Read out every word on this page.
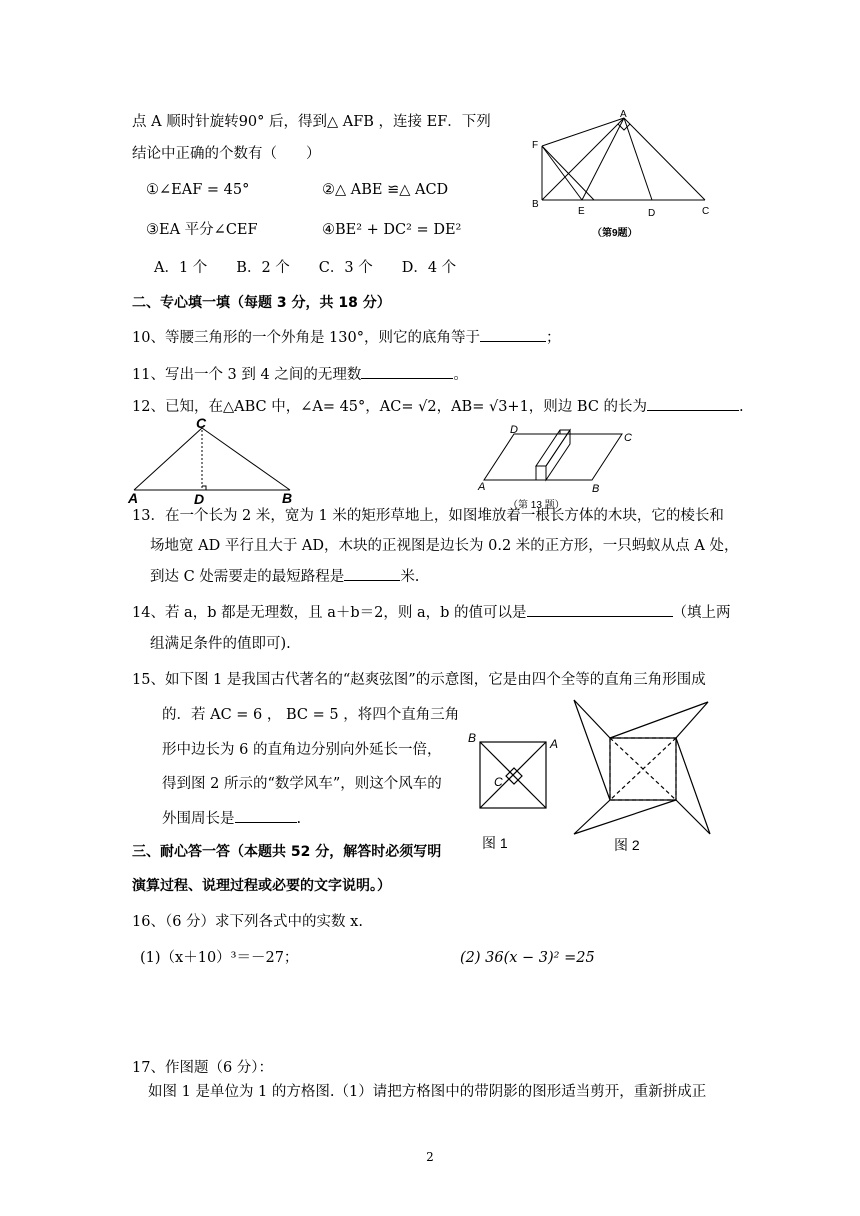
点 A 顺时针旋转90° 后，得到△ AFB ，连接 EF．下列
结论中正确的个数有（　　）
①∠EAF = 45°	②△ ABE ≌△ ACD
③EA 平分∠CEF	④BE² + DC² = DE²
A．1 个　　B．2 个　　C．3 个　　D．4 个
A
F
B
E	D	C
（第9题）
二、专心填一填（每题 3 分，共 18 分）
10、等腰三角形的一个外角是 130°，则它的底角等于	；
11、写出一个 3 到 4 之间的无理数	。
12、已知，在△ABC 中，∠A= 45°，AC= √2，AB= √3+1，则边 BC 的长为	.
C
A	D	B
D
C
A	B
（第 13 题）
13．在一个长为 2 米，宽为 1 米的矩形草地上，如图堆放着一根长方体的木块，它的棱长和
场地宽 AD 平行且大于 AD，木块的正视图是边长为 0.2 米的正方形，一只蚂蚁从点 A 处，
到达 C 处需要走的最短路程是	米.
14、若 a，b 都是无理数，且 a＋b＝2，则 a，b 的值可以是	（填上两
组满足条件的值即可).
15、如下图 1 是我国古代著名的“赵爽弦图”的示意图，它是由四个全等的直角三角形围成
的．若 AC = 6 ， BC = 5 ，将四个直角三角
形中边长为 6 的直角边分别向外延长一倍，
得到图 2 所示的“数学风车”，则这个风车的
外围周长是	.
B	A
C
图 1	图 2
三、耐心答一答（本题共 52 分，解答时必须写明
演算过程、说理过程或必要的文字说明。）
16、（6 分）求下列各式中的实数 x.
(1)（x＋10）³＝－27；	(2) 36(x − 3)² =25
17、作图题（6 分）：
如图 1 是单位为 1 的方格图.（1）请把方格图中的带阴影的图形适当剪开，重新拼成正
2
